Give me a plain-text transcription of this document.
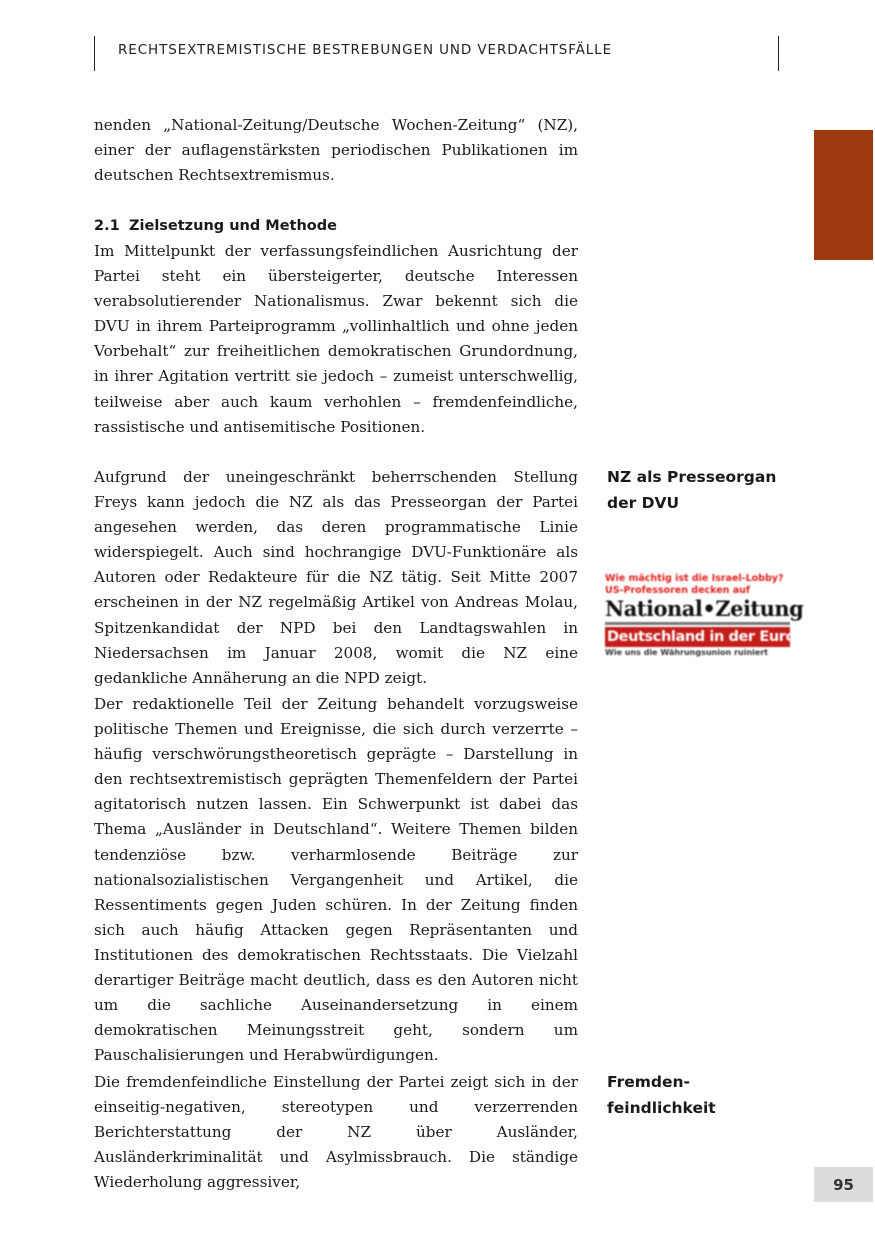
RECHTSEXTREMISTISCHE BESTREBUNGEN UND VERDACHTSFÄLLE

nenden „National-Zeitung/Deutsche Wochen-Zeitung“ (NZ), einer der auflagenstärksten periodischen Publikationen im deutschen Rechtsextremismus.

2.1 Zielsetzung und Methode

Im Mittelpunkt der verfassungsfeindlichen Ausrichtung der Partei steht ein übersteigerter, deutsche Interessen verabsolutierender Nationalismus. Zwar bekennt sich die DVU in ihrem Parteiprogramm „vollinhaltlich und ohne jeden Vorbehalt“ zur freiheitlichen demokratischen Grundordnung, in ihrer Agitation vertritt sie jedoch – zumeist unterschwellig, teilweise aber auch kaum verhohlen – fremdenfeindliche, rassistische und antisemitische Positionen.

Aufgrund der uneingeschränkt beherrschenden Stellung Freys kann jedoch die NZ als das Presseorgan der Partei angesehen werden, das deren programmatische Linie widerspiegelt. Auch sind hochrangige DVU-Funktionäre als Autoren oder Redakteure für die NZ tätig. Seit Mitte 2007 erscheinen in der NZ regelmäßig Artikel von Andreas Molau, Spitzenkandidat der NPD bei den Landtagswahlen in Niedersachsen im Januar 2008, womit die NZ eine gedankliche Annäherung an die NPD zeigt.

NZ als Presseorgan
der DVU

Wie mächtig ist die Israel-Lobby?
US-Professoren decken auf
National•Zeitung
Deutschland in der Euro-Falle
Wie uns die Währungsunion ruiniert

Der redaktionelle Teil der Zeitung behandelt vorzugsweise politische Themen und Ereignisse, die sich durch verzerrte – häufig verschwörungstheoretisch geprägte – Darstellung in den rechtsextremistisch geprägten Themenfeldern der Partei agitatorisch nutzen lassen. Ein Schwerpunkt ist dabei das Thema „Ausländer in Deutschland“. Weitere Themen bilden tendenziöse bzw. verharmlosende Beiträge zur nationalsozialistischen Vergangenheit und Artikel, die Ressentiments gegen Juden schüren. In der Zeitung finden sich auch häufig Attacken gegen Repräsentanten und Institutionen des demokratischen Rechtsstaats. Die Vielzahl derartiger Beiträge macht deutlich, dass es den Autoren nicht um die sachliche Auseinandersetzung in einem demokratischen Meinungsstreit geht, sondern um Pauschalisierungen und Herabwürdigungen.

Die fremdenfeindliche Einstellung der Partei zeigt sich in der einseitig-negativen, stereotypen und verzerrenden Berichterstattung der NZ über Ausländer, Ausländerkriminalität und Asylmissbrauch. Die ständige Wiederholung aggressiver,

Fremden-
feindlichkeit

95
